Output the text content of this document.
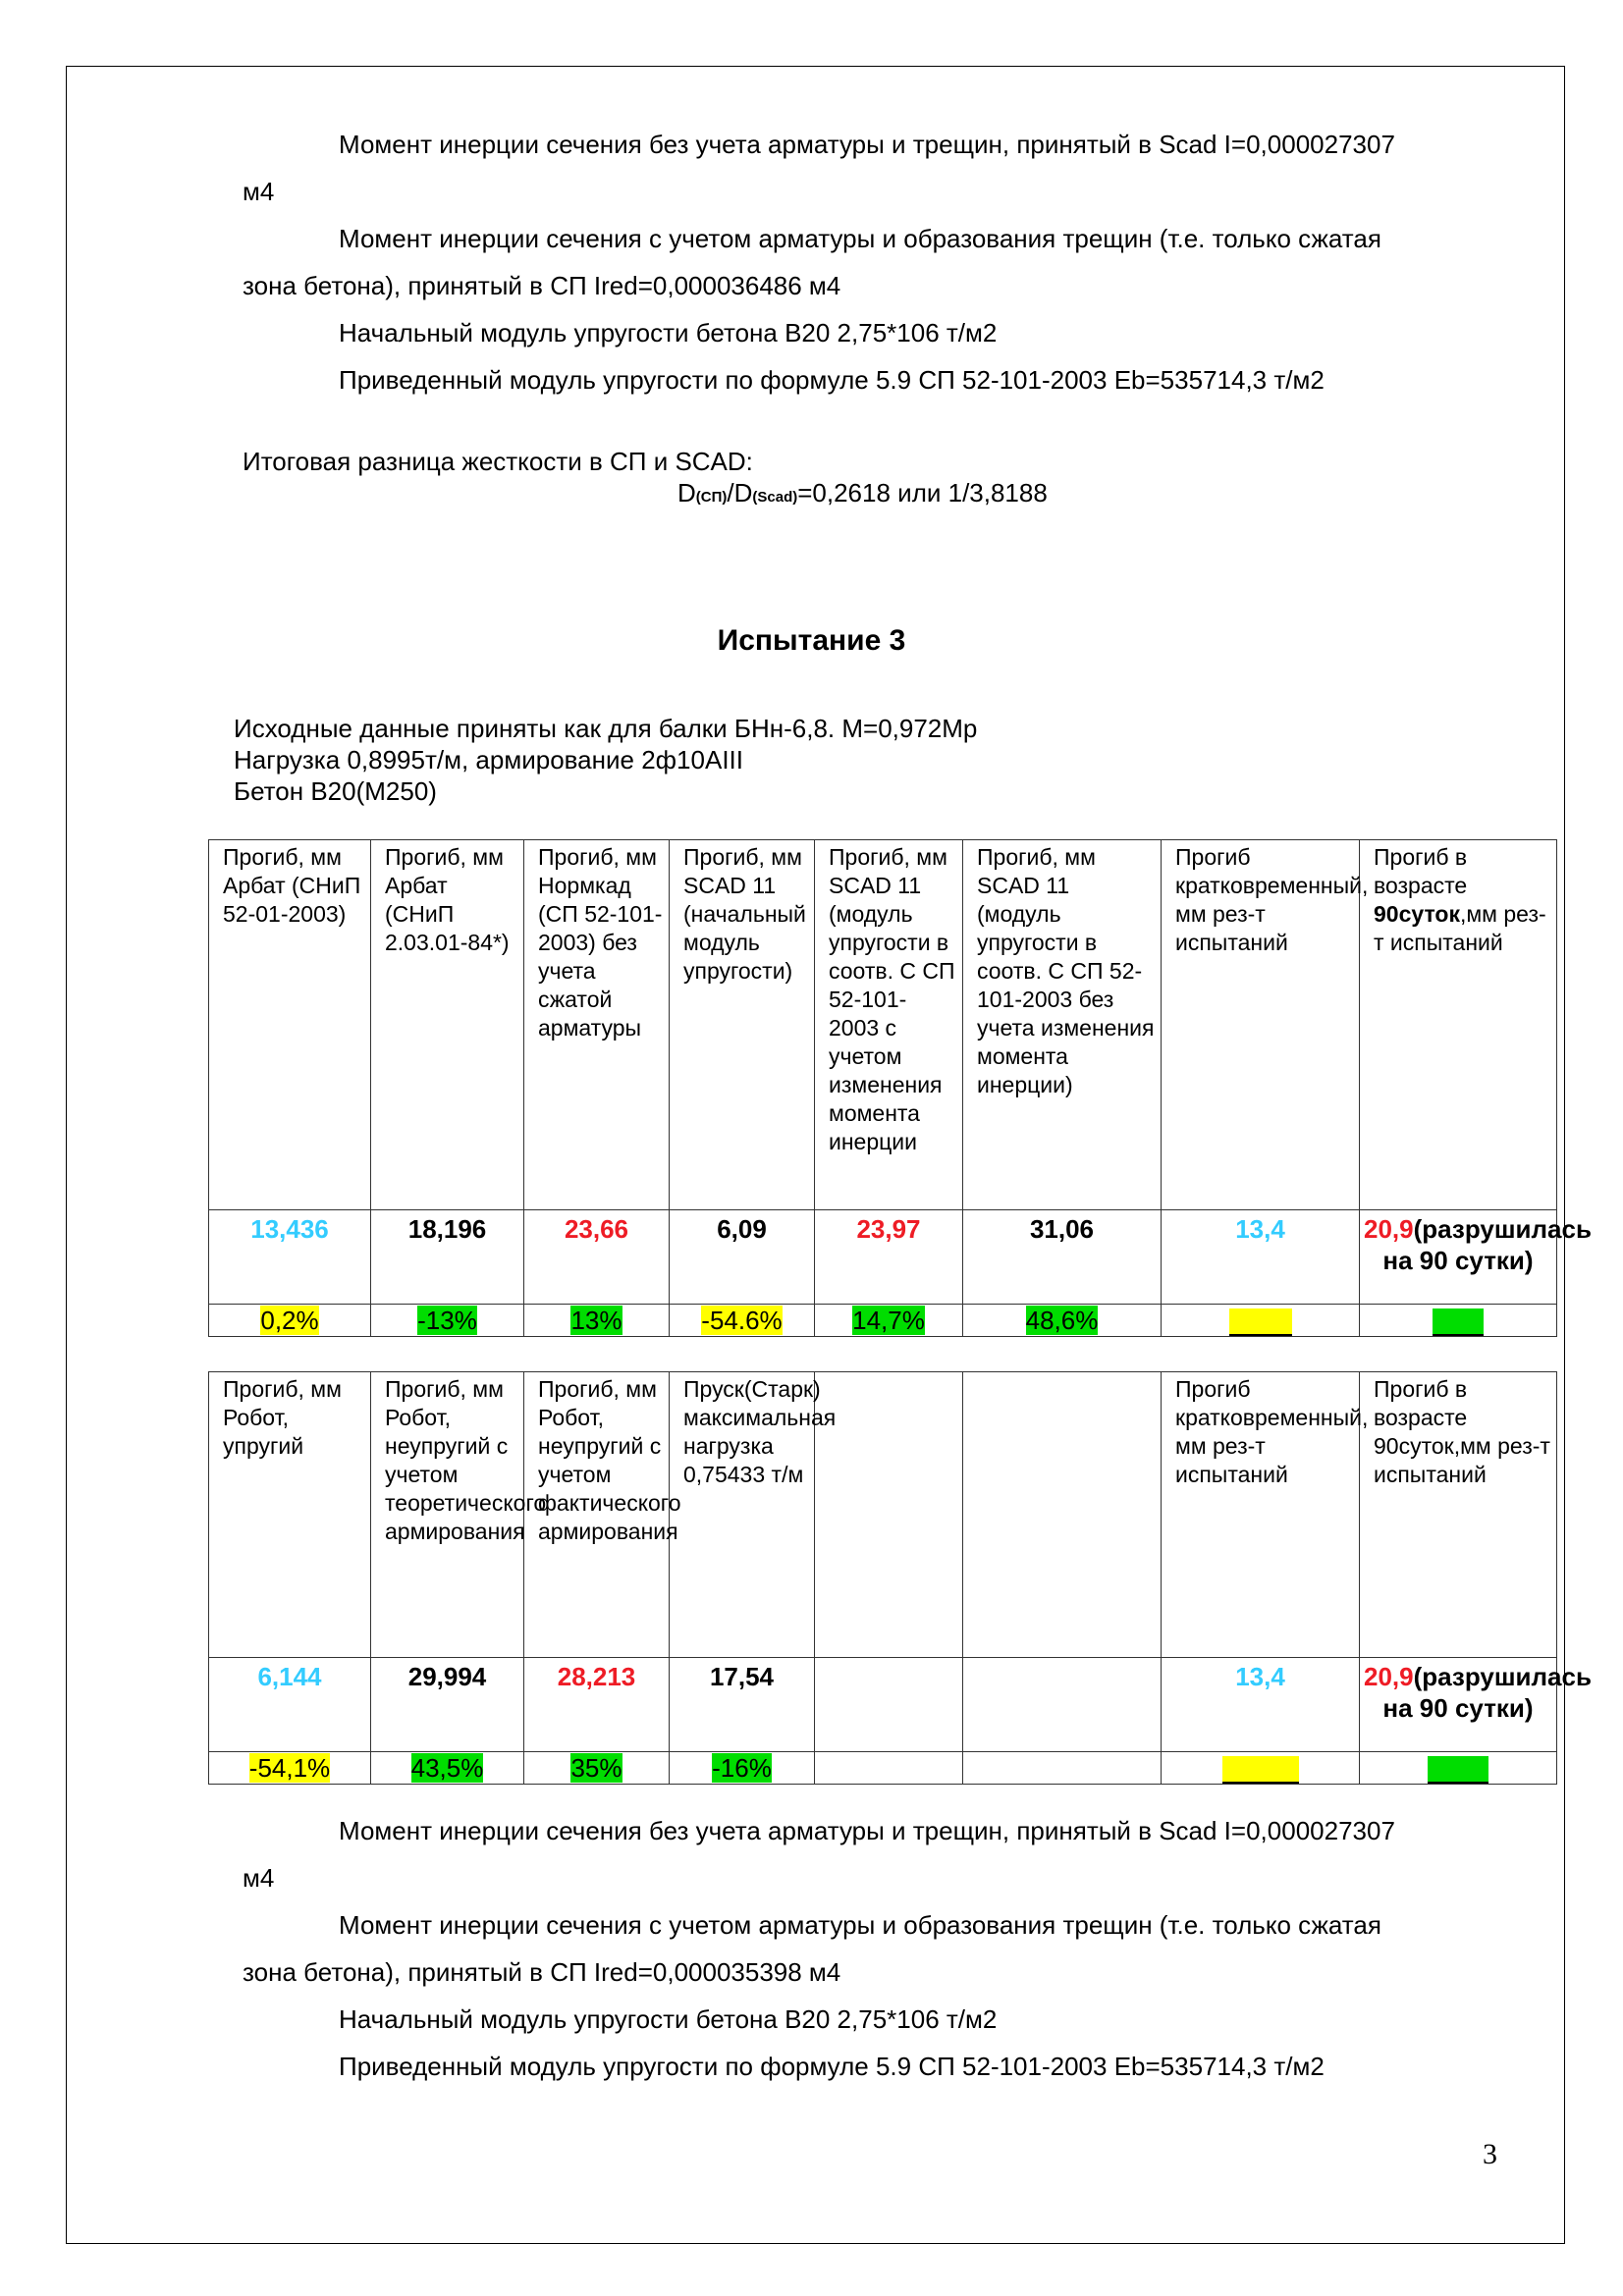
Момент инерции сечения без учета арматуры и трещин, принятый в Scad I=0,000027307
м4
Момент инерции сечения с учетом арматуры и образования трещин (т.е. только сжатая
зона бетона), принятый в СП Ired=0,000036486 м4
Начальный модуль упругости бетона В20 2,75*106 т/м2
Приведенный модуль упругости по формуле 5.9 СП 52-101-2003 Eb=535714,3 т/м2
Итоговая разница жесткости в СП и SCAD:
D(СП)/D(Scad)=0,2618 или 1/3,8188
Испытание 3
Исходные данные приняты как для балки БНн-6,8. М=0,972Мр
Нагрузка 0,8995т/м, армирование 2ф10АIII
Бетон В20(М250)
Прогиб, мм Арбат (СНиП 52-01-2003)	Прогиб, мм Арбат (СНиП 2.03.01-84*)	Прогиб, мм Нормкад (СП 52-101-2003) без учета сжатой арматуры	Прогиб, мм SCAD 11 (начальный модуль упругости)	Прогиб, мм SCAD 11 (модуль упругости в соотв. С СП 52-101-2003 с учетом изменения момента инерции	Прогиб, мм SCAD 11 (модуль упругости в соотв. С СП 52-101-2003 без учета изменения момента инерции)	Прогиб кратковременный, мм рез-т испытаний	Прогиб в возрасте 90суток,мм рез-т испытаний
13,436	18,196	23,66	6,09	23,97	31,06	13,4	20,9(разрушилась на 90 сутки)
0,2%	-13%	13%	-54.6%	14,7%	48,6%		
Прогиб, мм Робот, упругий	Прогиб, мм Робот, неупругий с учетом теоретического армирования	Прогиб, мм Робот, неупругий с учетом фактического армирования	Пруск(Старк) максимальная нагрузка 0,75433 т/м			Прогиб кратковременный, мм рез-т испытаний	Прогиб в возрасте 90суток,мм рез-т испытаний
6,144	29,994	28,213	17,54			13,4	20,9(разрушилась на 90 сутки)
-54,1%	43,5%	35%	-16%				
Момент инерции сечения без учета арматуры и трещин, принятый в Scad I=0,000027307
м4
Момент инерции сечения с учетом арматуры и образования трещин (т.е. только сжатая
зона бетона), принятый в СП Ired=0,000035398 м4
Начальный модуль упругости бетона В20 2,75*106 т/м2
Приведенный модуль упругости по формуле 5.9 СП 52-101-2003 Eb=535714,3 т/м2
3
